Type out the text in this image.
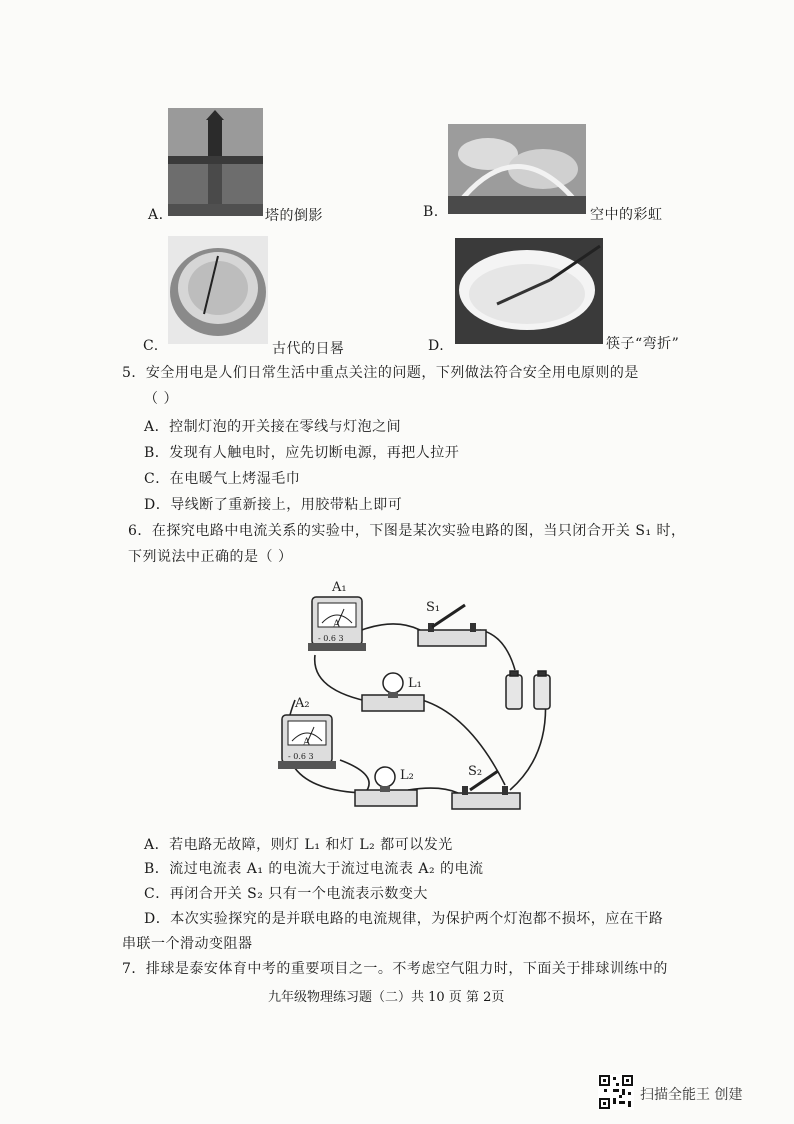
A.	塔的倒影	B.	空中的彩虹
C.	古代的日晷	D.	筷子“弯折”
5．安全用电是人们日常生活中重点关注的问题，下列做法符合安全用电原则的是
（ ）
A．控制灯泡的开关接在零线与灯泡之间
B．发现有人触电时，应先切断电源，再把人拉开
C．在电暖气上烤湿毛巾
D．导线断了重新接上，用胶带粘上即可
6．在探究电路中电流关系的实验中，下图是某次实验电路的图，当只闭合开关 S₁ 时，
下列说法中正确的是（ ）
A
- 0.6 3
A₁
S₁
L₁
A
- 0.6 3
A₂
L₂	S₂
A．若电路无故障，则灯 L₁ 和灯 L₂ 都可以发光
B．流过电流表 A₁ 的电流大于流过电流表 A₂ 的电流
C．再闭合开关 S₂ 只有一个电流表示数变大
D．本次实验探究的是并联电路的电流规律，为保护两个灯泡都不损坏，应在干路
串联一个滑动变阻器
7．排球是泰安体育中考的重要项目之一。不考虑空气阻力时，下面关于排球训练中的
九年级物理练习题（二）共 10 页 第 2页
扫描全能王 创建
